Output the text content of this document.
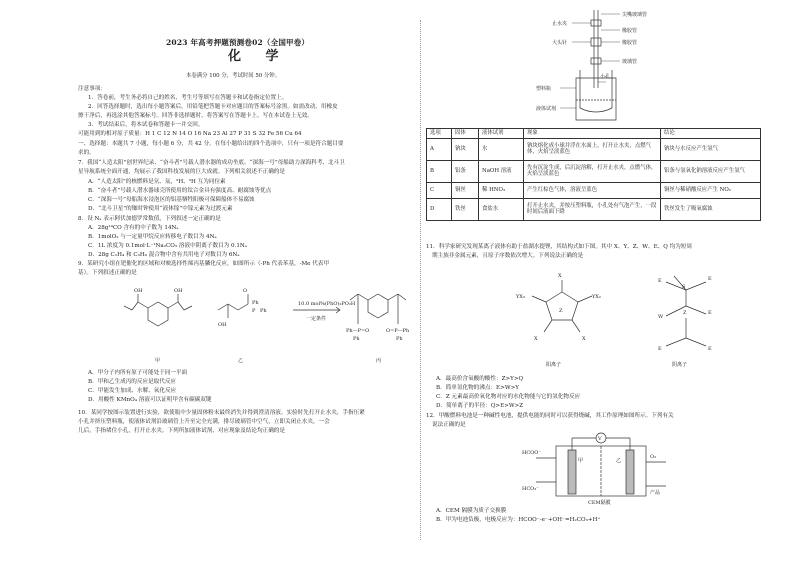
2023 年高考押题预测卷02（全国甲卷）
化 学
本卷满分 100 分，考试时间 50 分钟。
注意事项：
1．答卷前，考生务必将自己的姓名、考生号等填写在答题卡和试卷指定位置上。
2．回答选择题时，选出每小题答案后，用铅笔把答题卡对应题目的答案标号涂黑。如需改动，用橡皮
擦干净后，再选涂其他答案标号。回答非选择题时，将答案写在答题卡上。写在本试卷上无效。
3．考试结束后，将本试卷和答题卡一并交回。
可能用到的相对原子质量：H 1 C 12 N 14 O 16 Na 23 Al 27 P 31 S 32 Fe 56 Cu 64
一、选择题：本题共 7 小题，每小题 6 分，共 42 分。在每小题给出的四个选项中，只有一项是符合题目要
求的。
7．我国“人造太阳”创世界纪录、“奋斗者”号载人潜水器的成功坐底、“深海一号”母船助力深海科考、北斗卫
星导航系统全面开通，均展示了我国科技发展的巨大成就。下列相关叙述不正确的是
A．“人造太阳”的核燃料是氘、氚，²H、³H 互为同位素
B．“奋斗者”号载人潜水器球壳所使用的钛合金具有强度高、耐腐蚀等优点
C．“深海一号”母船海水浸泡区的铝基牺牲阳极可保障船体不易腐蚀
D．“北斗卫星”的铷时钟使用“液体镓”中镓元素为过渡元素
8．设 Nₐ 表示阿伏加德罗常数值，下列叙述一定正确的是
A．28g¹⁴CO 含有的中子数为 14Nₐ
B．1molO₂ 与一定量甲烷反应转移电子数目为 4Nₐ
C．1L 浓度为 0.1mol·L⁻¹Na₂CO₃ 溶液中阴离子数目为 0.1Nₐ
D．28g C₂H₄ 和 C₃H₆ 混合物中含有共用电子对数目为 6Nₐ
9．某研究小组在钯催化的区域和对映选择性烯丙基膦化反应，如图所示（-Ph 代表苯基，-Me 代表甲
基）。下列叙述正确的是
OH	OH	O
Ph
OH
P Ph
10.0 mol%(PhO)₂PO₂H
一定条件
Ph—P=O	O=P—Ph
Ph	Ph
甲	乙	丙
A．甲分子内所有原子可能处于同一平面
B．甲和乙生成丙的反应是取代反应
C．甲能发生加成、水解、氧化反应
D．用酸性 KMnO₄ 溶液可以证明甲含有碳碳双键
10．某同学按图示装置进行实验，欲使瓶中少量固体粉末最终消失并得到澄清溶液。实验时先打开止水夹，手指压紧
小孔并挤压塑料瓶，使液体试剂沿玻璃管上升至完全充满，排尽玻璃管中空气，立即关闭止水夹，一会
儿后，手指堵住小孔，打开止水夹。下列所加液体试剂、对应现象及结论均正确的是
尖嘴玻璃管
止水夹
橡胶管
橡胶管
大头针
玻璃管
塑料瓶
小孔
液体试剂
选项	固体	液体试剂	现象	结论
A	钠块	水	钠块熔化成小球并浮在水面上，打开止水夹，点燃气体，火焰呈淡蓝色	钠块与水反应产生氢气
B	铝条	NaOH 溶液	先有沉淀生成，后沉淀溶解，打开止水夹，点燃气体，火焰呈淡蓝色	铝条与氢氧化钠溶液反应产生氢气
C	铜丝	稀 HNO₃	产生红棕色气体，溶液呈蓝色	铜丝与稀硝酸反应产生 NO₂
D	铁丝	食盐水	打开止水夹，并按压塑料瓶，小孔处有气泡产生，一段时间后液面下降	铁丝发生了吸氧腐蚀
11．科学家研究发现某离子液体有助于盐湖水提锂，其结构式如下图。其中 X、Y、Z、W、E、Q 均为短周
期主族非金属元素，且原子序数依次增大。下列说法正确的是
X
YX₃	YX₂
X	X
Z
S
Z
E	E
E
W
E	E
阳离子	阴离子
A．最高价含氧酸的酸性：Z>Y>Q
B．简单氢化物的沸点：E>W>Y
C．Z 元素最高价氧化物对应的水化物能与它的氢化物反应
D．简单离子的半径：Q>E>W>Z
12．甲酸燃料电池是一种碱性电池，提供电能的同时可以获得烧碱，其工作原理如图所示。下列有关
说法正确的是
V
HCOO⁻
HCO₃⁻
甲	乙
O₂
产品
CEM隔膜
A．CEM 隔膜为质子交换膜
B．甲为电池负极，电极反应为：HCOO⁻-e⁻+OH⁻=H₂CO₃+H⁺
